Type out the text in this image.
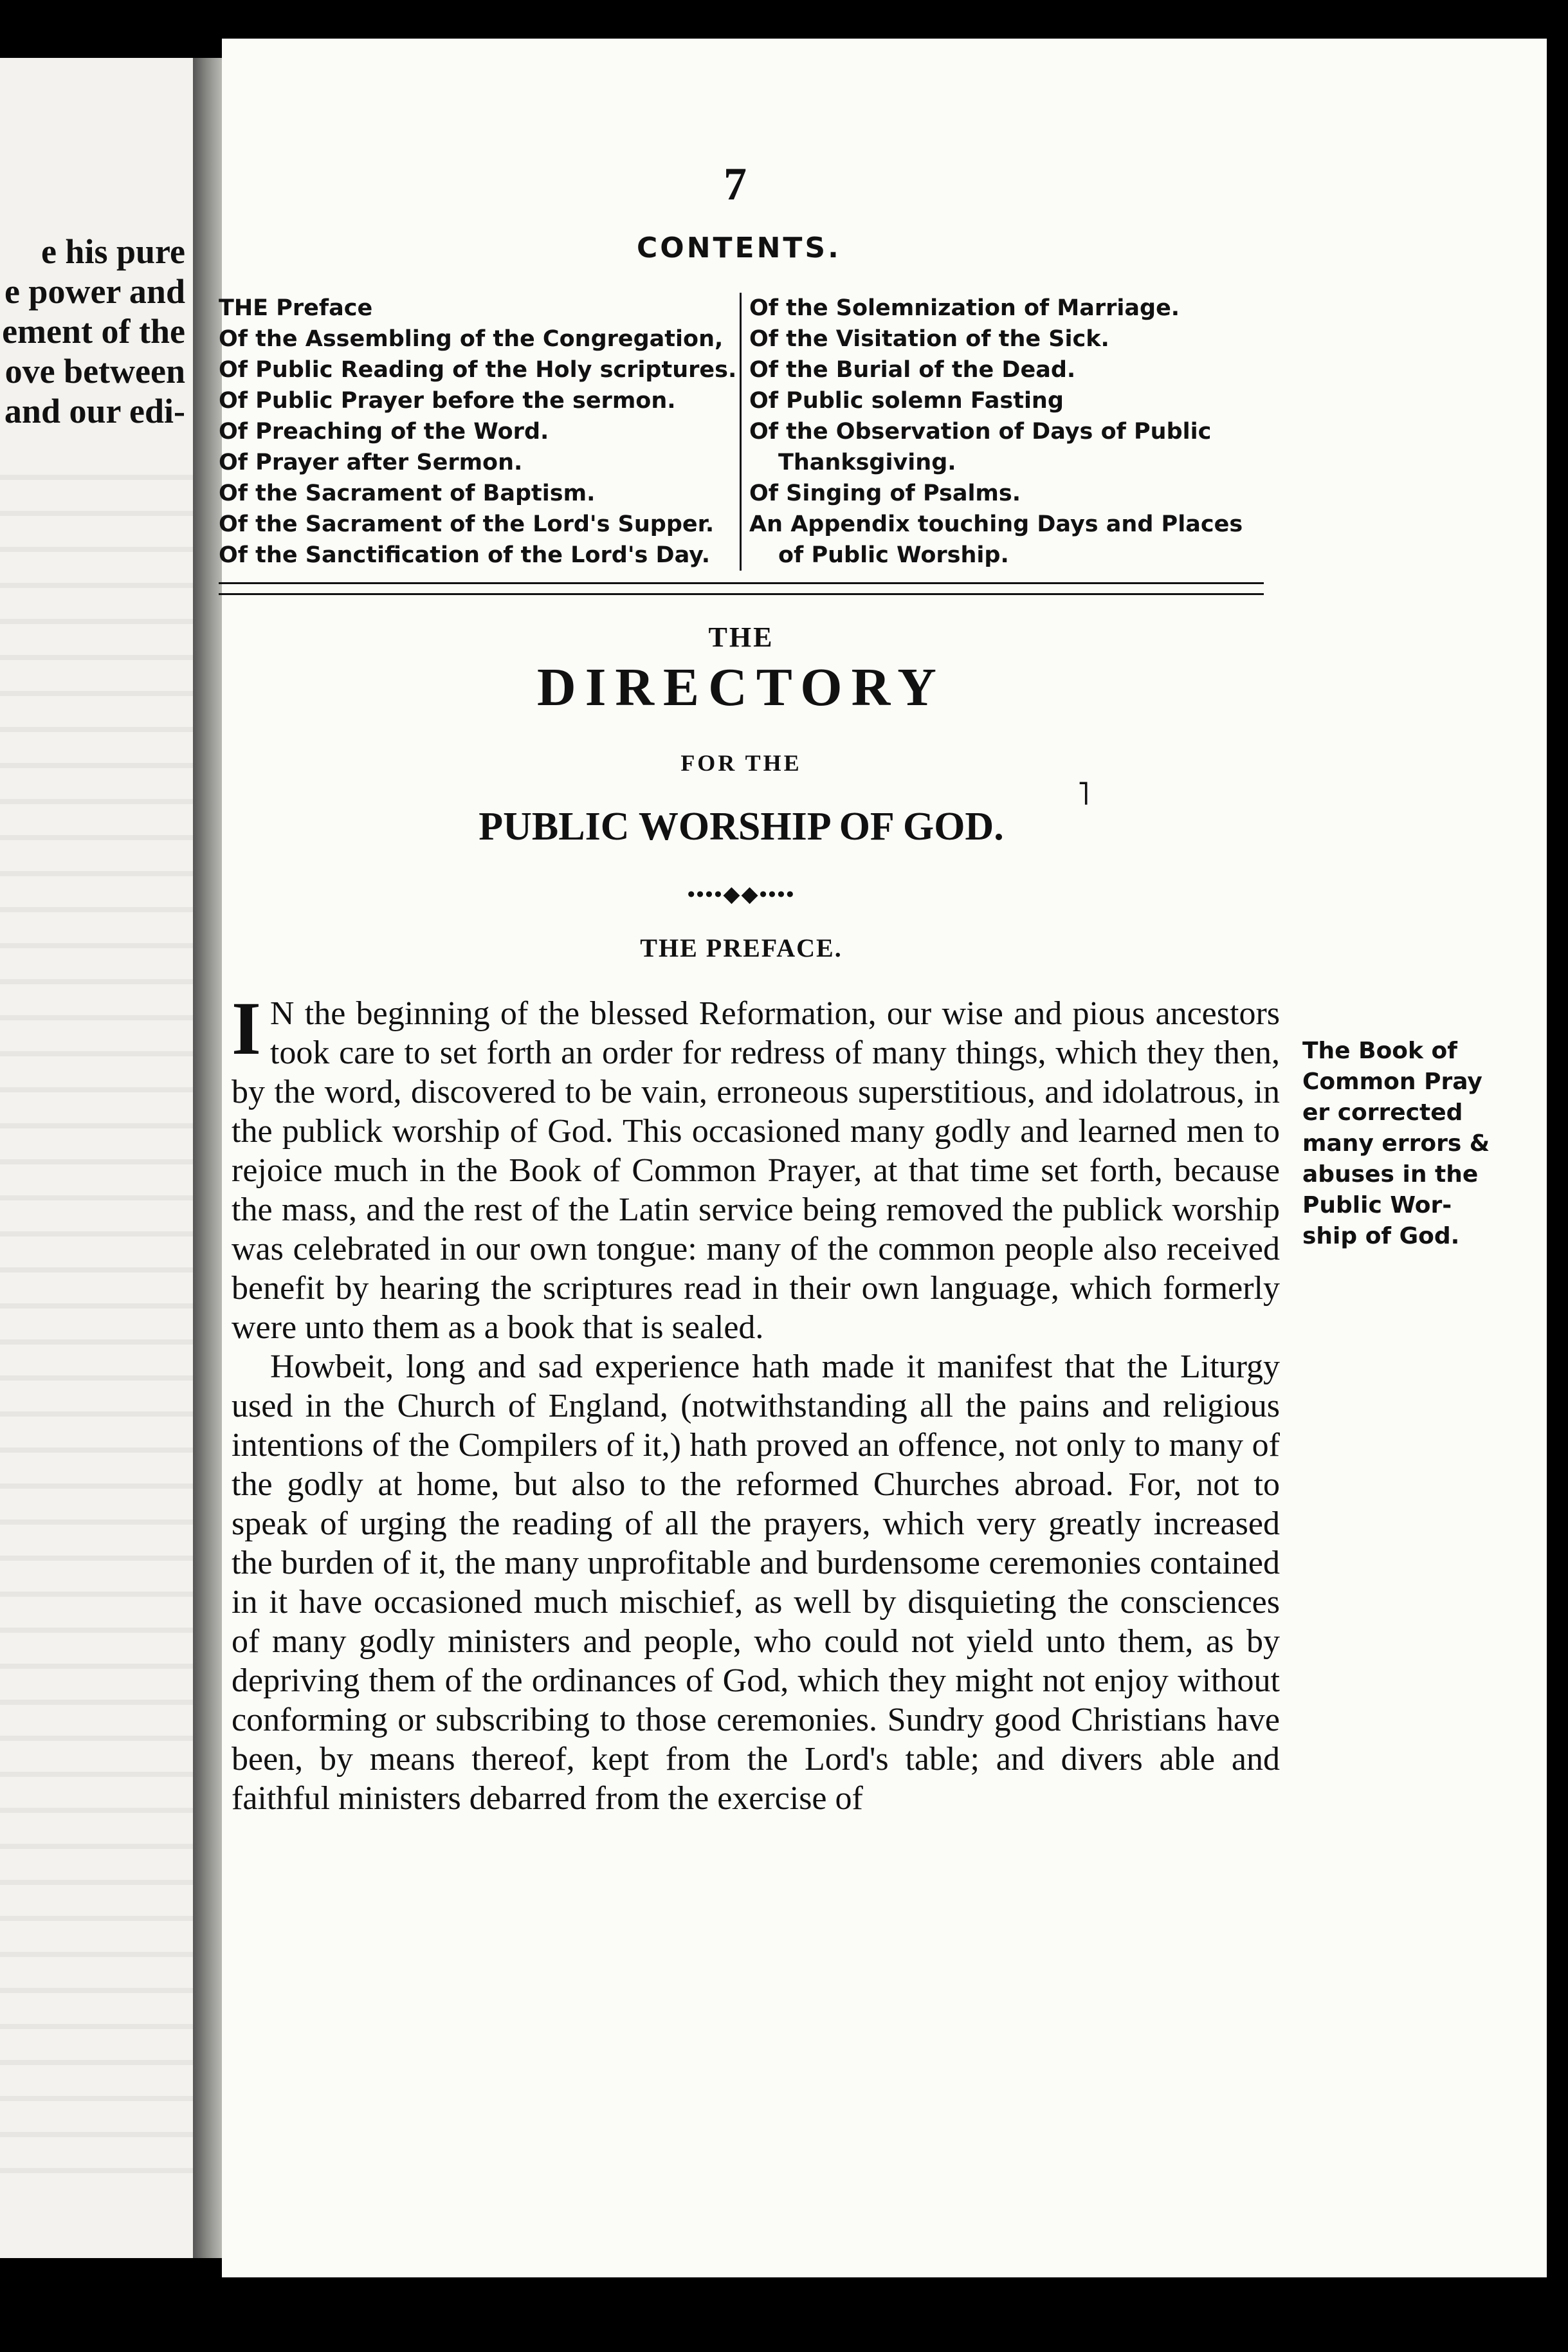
e his pure
e power and
ement of the
ove between
and our edi-
7
CONTENTS.
THE Preface
Of the Assembling of the Congregation,
Of Public Reading of the Holy scriptures.
Of Public Prayer before the sermon.
Of Preaching of the Word.
Of Prayer after Sermon.
Of the Sacrament of Baptism.
Of the Sacrament of the Lord's Supper.
Of the Sanctification of the Lord's Day.
Of the Solemnization of Marriage.
Of the Visitation of the Sick.
Of the Burial of the Dead.
Of Public solemn Fasting
Of the Observation of Days of Public
Thanksgiving.
Of Singing of Psalms.
An Appendix touching Days and Places
of Public Worship.
THE
DIRECTORY
FOR THE
˥
PUBLIC WORSHIP OF GOD.
••••◆◆••••
THE PREFACE.

I N the beginning of the blessed Reformation, our wise and pious ancestors took care to set forth an order for redress of many things, which they then, by the word, discovered to be vain, erroneous superstitious, and idolatrous, in the publick worship of God. This occasioned many godly and learned men to rejoice much in the Book of Common Prayer, at that time set forth, because the mass, and the rest of the Latin service being removed the publick worship was celebrated in our own tongue: many of the common people also received benefit by hearing the scriptures read in their own language, which formerly were unto them as a book that is sealed.

Howbeit, long and sad experience hath made it manifest that the Liturgy used in the Church of England, (notwithstanding all the pains and religious intentions of the Compilers of it,) hath proved an offence, not only to many of the godly at home, but also to the reformed Churches abroad. For, not to speak of urging the reading of all the prayers, which very greatly increased the burden of it, the many unprofitable and burdensome ceremonies contained in it have occasioned much mischief, as well by disquieting the consciences of many godly ministers and people, who could not yield unto them, as by depriving them of the ordinances of God, which they might not enjoy without conforming or subscribing to those ceremonies. Sundry good Christians have been, by means thereof, kept from the Lord's table; and divers able and faithful ministers debarred from the exercise of

The Book of
Common Pray
er corrected
many errors &
abuses in the
Public Wor-
ship of God.
